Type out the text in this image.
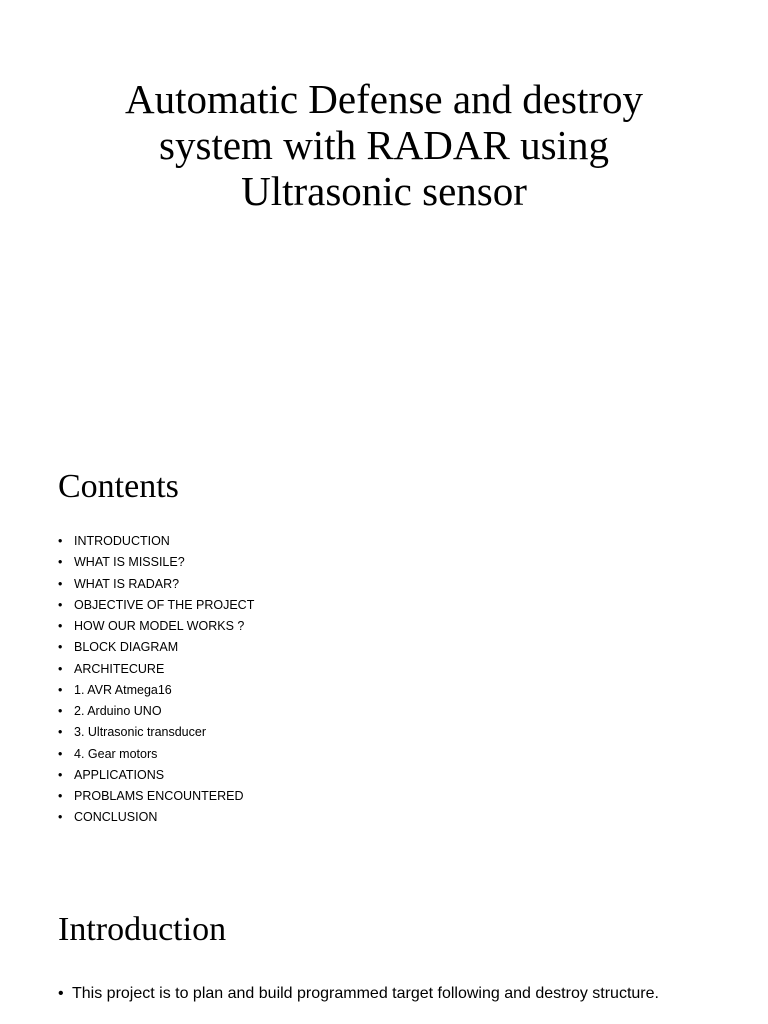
Automatic Defense and destroy
system with RADAR using
Ultrasonic sensor
Contents
• INTRODUCTION
• WHAT IS MISSILE?
• WHAT IS RADAR?
• OBJECTIVE OF THE PROJECT
• HOW OUR MODEL WORKS ?
• BLOCK DIAGRAM
• ARCHITECURE
• 1. AVR Atmega16
• 2. Arduino UNO
• 3. Ultrasonic transducer
• 4. Gear motors
• APPLICATIONS
• PROBLAMS ENCOUNTERED
• CONCLUSION
Introduction
• This project is to plan and build programmed target following and destroy structure.
